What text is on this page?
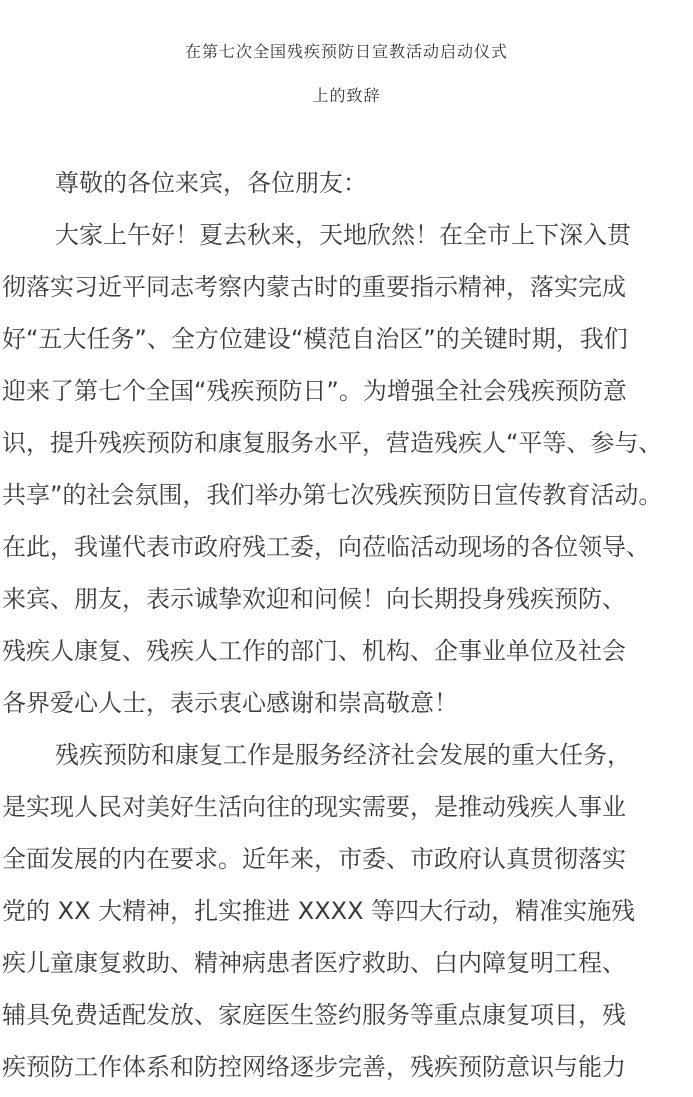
在第七次全国残疾预防日宣教活动启动仪式
上的致辞
尊敬的各位来宾，各位朋友：
大家上午好！夏去秋来，天地欣然！在全市上下深入贯
彻落实习近平同志考察内蒙古时的重要指示精神，落实完成
好“五大任务”、全方位建设“模范自治区”的关键时期，我们
迎来了第七个全国“残疾预防日”。为增强全社会残疾预防意
识，提升残疾预防和康复服务水平，营造残疾人“平等、参与、
共享”的社会氛围，我们举办第七次残疾预防日宣传教育活动。
在此，我谨代表市政府残工委，向莅临活动现场的各位领导、
来宾、朋友，表示诚挚欢迎和问候！向长期投身残疾预防、
残疾人康复、残疾人工作的部门、机构、企事业单位及社会
各界爱心人士，表示衷心感谢和崇高敬意！
残疾预防和康复工作是服务经济社会发展的重大任务，
是实现人民对美好生活向往的现实需要，是推动残疾人事业
全面发展的内在要求。近年来，市委、市政府认真贯彻落实
党的 XX 大精神，扎实推进 XXXX 等四大行动，精准实施残
疾儿童康复救助、精神病患者医疗救助、白内障复明工程、
辅具免费适配发放、家庭医生签约服务等重点康复项目，残
疾预防工作体系和防控网络逐步完善，残疾预防意识与能力
